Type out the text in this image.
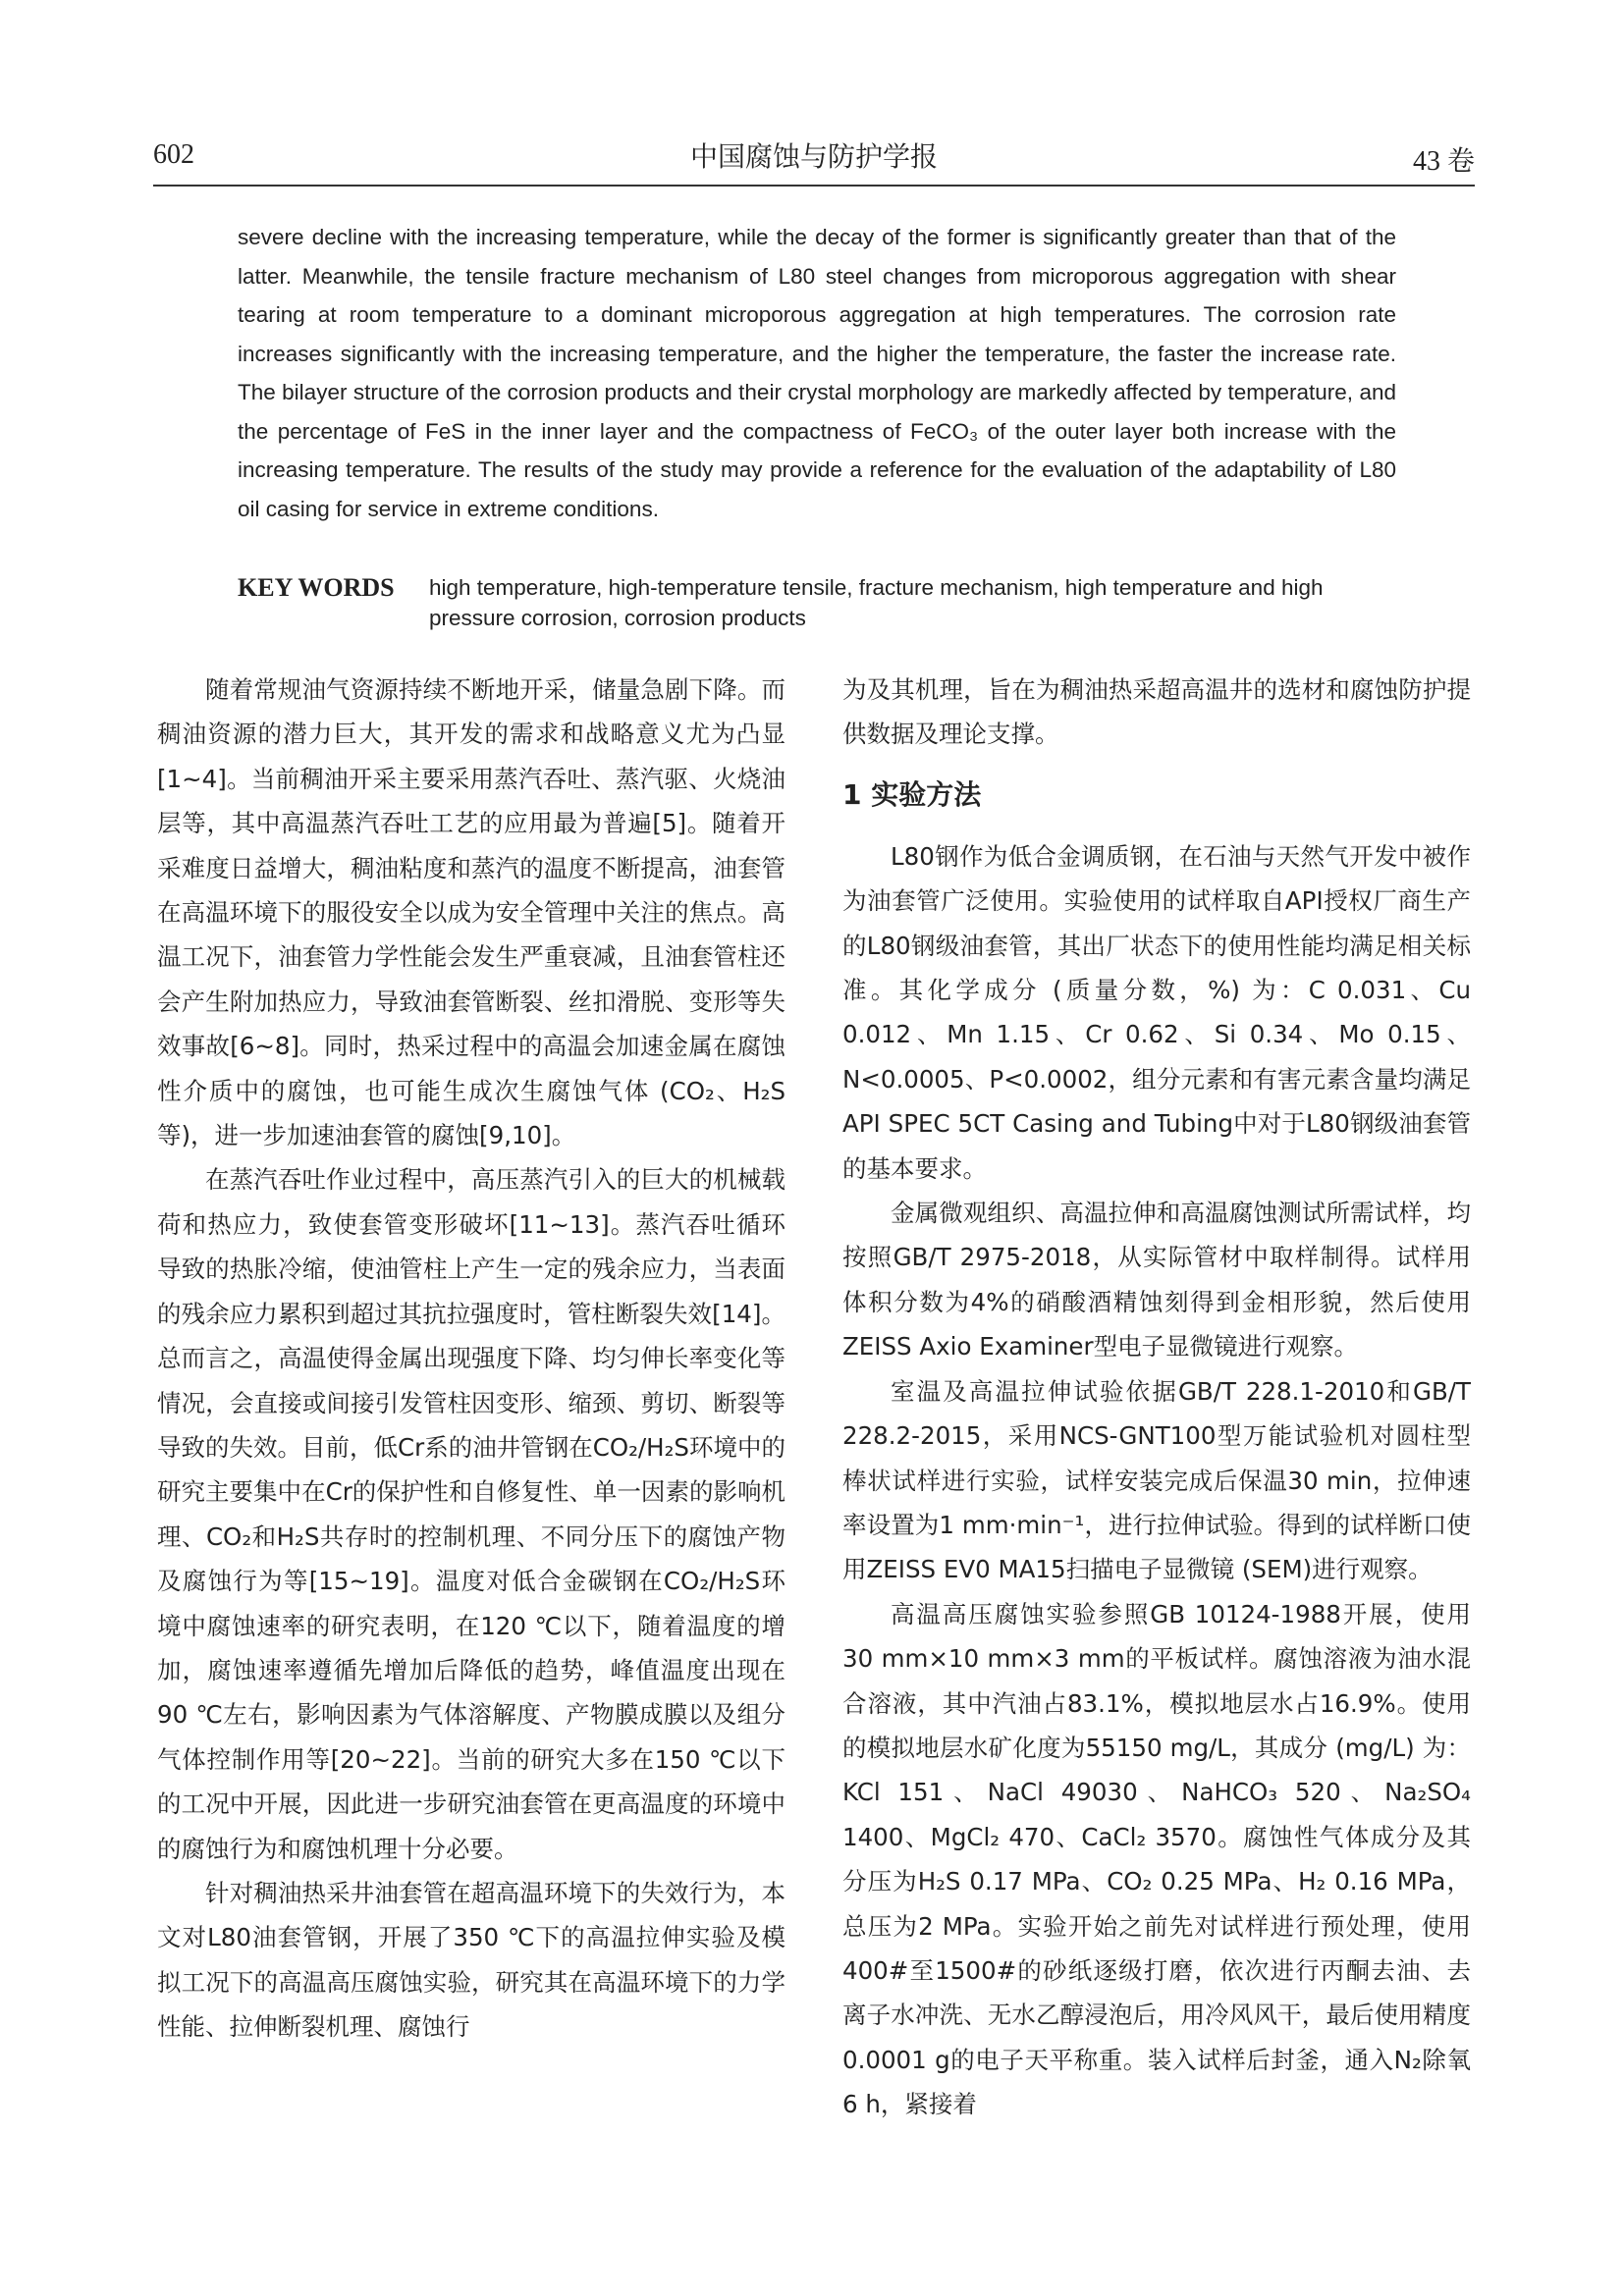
602	中国腐蚀与防护学报	43 卷
severe decline with the increasing temperature, while the decay of the former is significantly greater than that of the latter. Meanwhile, the tensile fracture mechanism of L80 steel changes from microporous aggregation with shear tearing at room temperature to a dominant microporous aggregation at high temperatures. The corrosion rate increases significantly with the increasing temperature, and the higher the temperature, the faster the increase rate. The bilayer structure of the corrosion products and their crystal morphology are markedly affected by temperature, and the percentage of FeS in the inner layer and the compactness of FeCO₃ of the outer layer both increase with the increasing temperature. The results of the study may provide a reference for the evaluation of the adaptability of L80 oil casing for service in extreme conditions.
KEY WORDS high temperature, high-temperature tensile, fracture mechanism, high temperature and high pressure corrosion, corrosion products

随着常规油气资源持续不断地开采，储量急剧下降。而稠油资源的潜力巨大，其开发的需求和战略意义尤为凸显[1~4]。当前稠油开采主要采用蒸汽吞吐、蒸汽驱、火烧油层等，其中高温蒸汽吞吐工艺的应用最为普遍[5]。随着开采难度日益增大，稠油粘度和蒸汽的温度不断提高，油套管在高温环境下的服役安全以成为安全管理中关注的焦点。高温工况下，油套管力学性能会发生严重衰减，且油套管柱还会产生附加热应力，导致油套管断裂、丝扣滑脱、变形等失效事故[6~8]。同时，热采过程中的高温会加速金属在腐蚀性介质中的腐蚀，也可能生成次生腐蚀气体 (CO₂、H₂S 等)，进一步加速油套管的腐蚀[9,10]。

在蒸汽吞吐作业过程中，高压蒸汽引入的巨大的机械载荷和热应力，致使套管变形破坏[11~13]。蒸汽吞吐循环导致的热胀冷缩，使油管柱上产生一定的残余应力，当表面的残余应力累积到超过其抗拉强度时，管柱断裂失效[14]。总而言之，高温使得金属出现强度下降、均匀伸长率变化等情况，会直接或间接引发管柱因变形、缩颈、剪切、断裂等导致的失效。目前，低Cr系的油井管钢在CO₂/H₂S环境中的研究主要集中在Cr的保护性和自修复性、单一因素的影响机理、CO₂和H₂S共存时的控制机理、不同分压下的腐蚀产物及腐蚀行为等[15~19]。温度对低合金碳钢在CO₂/H₂S环境中腐蚀速率的研究表明，在120 ℃以下，随着温度的增加，腐蚀速率遵循先增加后降低的趋势，峰值温度出现在90 ℃左右，影响因素为气体溶解度、产物膜成膜以及组分气体控制作用等[20~22]。当前的研究大多在150 ℃以下的工况中开展，因此进一步研究油套管在更高温度的环境中的腐蚀行为和腐蚀机理十分必要。

针对稠油热采井油套管在超高温环境下的失效行为，本文对L80油套管钢，开展了350 ℃下的高温拉伸实验及模拟工况下的高温高压腐蚀实验，研究其在高温环境下的力学性能、拉伸断裂机理、腐蚀行

为及其机理，旨在为稠油热采超高温井的选材和腐蚀防护提供数据及理论支撑。

1 实验方法

L80钢作为低合金调质钢，在石油与天然气开发中被作为油套管广泛使用。实验使用的试样取自API授权厂商生产的L80钢级油套管，其出厂状态下的使用性能均满足相关标准。其化学成分 (质量分数，%) 为：C 0.031、Cu 0.012、Mn 1.15、Cr 0.62、Si 0.34、Mo 0.15、N<0.0005、P<0.0002，组分元素和有害元素含量均满足API SPEC 5CT Casing and Tubing中对于L80钢级油套管的基本要求。

金属微观组织、高温拉伸和高温腐蚀测试所需试样，均按照GB/T 2975-2018，从实际管材中取样制得。试样用体积分数为4%的硝酸酒精蚀刻得到金相形貌，然后使用ZEISS Axio Examiner型电子显微镜进行观察。

室温及高温拉伸试验依据GB/T 228.1-2010和GB/T 228.2-2015，采用NCS-GNT100型万能试验机对圆柱型棒状试样进行实验，试样安装完成后保温30 min，拉伸速率设置为1 mm·min⁻¹，进行拉伸试验。得到的试样断口使用ZEISS EV0 MA15扫描电子显微镜 (SEM)进行观察。

高温高压腐蚀实验参照GB 10124-1988开展，使用30 mm×10 mm×3 mm的平板试样。腐蚀溶液为油水混合溶液，其中汽油占83.1%，模拟地层水占16.9%。使用的模拟地层水矿化度为55150 mg/L，其成分 (mg/L) 为：KCl 151、NaCl 49030、NaHCO₃ 520、Na₂SO₄ 1400、MgCl₂ 470、CaCl₂ 3570。腐蚀性气体成分及其分压为H₂S 0.17 MPa、CO₂ 0.25 MPa、H₂ 0.16 MPa，总压为2 MPa。实验开始之前先对试样进行预处理，使用400#至1500#的砂纸逐级打磨，依次进行丙酮去油、去离子水冲洗、无水乙醇浸泡后，用冷风风干，最后使用精度0.0001 g的电子天平称重。装入试样后封釜，通入N₂除氧6 h，紧接着
